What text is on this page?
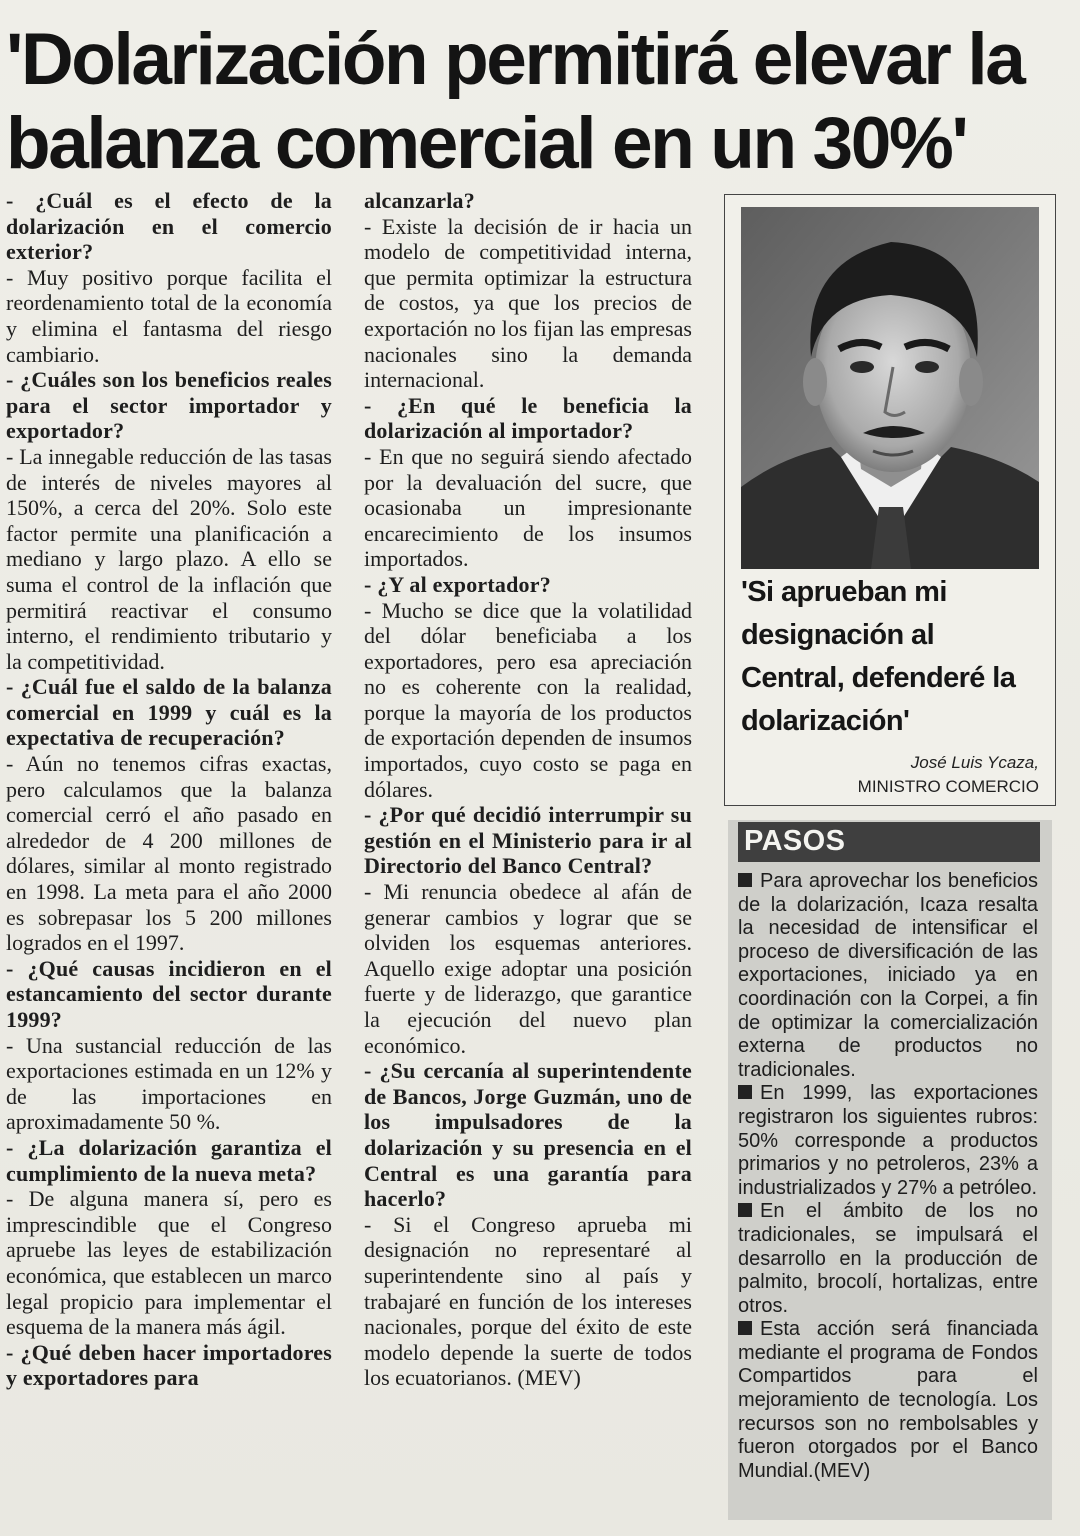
'Dolarización permitirá elevar la balanza comercial en un 30%'

- ¿Cuál es el efecto de la dolarización en el comercio exterior?

- Muy positivo porque facilita el reordenamiento total de la economía y elimina el fantasma del riesgo cambiario.

- ¿Cuáles son los beneficios reales para el sector importador y exportador?

- La innegable reducción de las tasas de interés de niveles mayores al 150%, a cerca del 20%. Solo este factor permite una planificación a mediano y largo plazo. A ello se suma el control de la inflación que permitirá reactivar el consumo interno, el rendimiento tributario y la competitividad.

- ¿Cuál fue el saldo de la balanza comercial en 1999 y cuál es la expectativa de recuperación?

- Aún no tenemos cifras exactas, pero calculamos que la balanza comercial cerró el año pasado en alrededor de 4 200 millones de dólares, similar al monto registrado en 1998. La meta para el año 2000 es sobrepasar los 5 200 millones logrados en el 1997.

- ¿Qué causas incidieron en el estancamiento del sector durante 1999?

- Una sustancial reducción de las exportaciones estimada en un 12% y de las importaciones en aproximadamente 50 %.

- ¿La dolarización garantiza el cumplimiento de la nueva meta?

- De alguna manera sí, pero es imprescindible que el Congreso apruebe las leyes de estabilización económica, que establecen un marco legal propicio para implementar el esquema de la manera más ágil.

- ¿Qué deben hacer importadores y exportadores para

alcanzarla?

- Existe la decisión de ir hacia un modelo de competitividad interna, que permita optimizar la estructura de costos, ya que los precios de exportación no los fijan las empresas nacionales sino la demanda internacional.

- ¿En qué le beneficia la dolarización al importador?

- En que no seguirá siendo afectado por la devaluación del sucre, que ocasionaba un impresionante encarecimiento de los insumos importados.

- ¿Y al exportador?

- Mucho se dice que la volatilidad del dólar beneficiaba a los exportadores, pero esa apreciación no es coherente con la realidad, porque la mayoría de los productos de exportación dependen de insumos importados, cuyo costo se paga en dólares.

- ¿Por qué decidió interrumpir su gestión en el Ministerio para ir al Directorio del Banco Central?

- Mi renuncia obedece al afán de generar cambios y lograr que se olviden los esquemas anteriores. Aquello exige adoptar una posición fuerte y de liderazgo, que garantice la ejecución del nuevo plan económico.

- ¿Su cercanía al superintendente de Bancos, Jorge Guzmán, uno de los impulsadores de la dolarización y su presencia en el Central es una garantía para hacerlo?

- Si el Congreso aprueba mi designación no representaré al superintendente sino al país y trabajaré en función de los intereses nacionales, porque del éxito de este modelo depende la suerte de todos los ecuatorianos. (MEV)

'Si aprueban mi designación al Central, defenderé la dolarización'
José Luis Ycaza,
MINISTRO COMERCIO
PASOS

Para aprovechar los beneficios de la dolarización, Icaza resalta la necesidad de intensificar el proceso de diversificación de las exportaciones, iniciado ya en coordinación con la Corpei, a fin de optimizar la comercialización externa de productos no tradicionales.

En 1999, las exportaciones registraron los siguientes rubros: 50% corresponde a productos primarios y no petroleros, 23% a industrializados y 27% a petróleo.

En el ámbito de los no tradicionales, se impulsará el desarrollo en la producción de palmito, brocolí, hortalizas, entre otros.

Esta acción será financiada mediante el programa de Fondos Compartidos para el mejoramiento de tecnología. Los recursos son no rembolsables y fueron otorgados por el Banco Mundial.(MEV)
